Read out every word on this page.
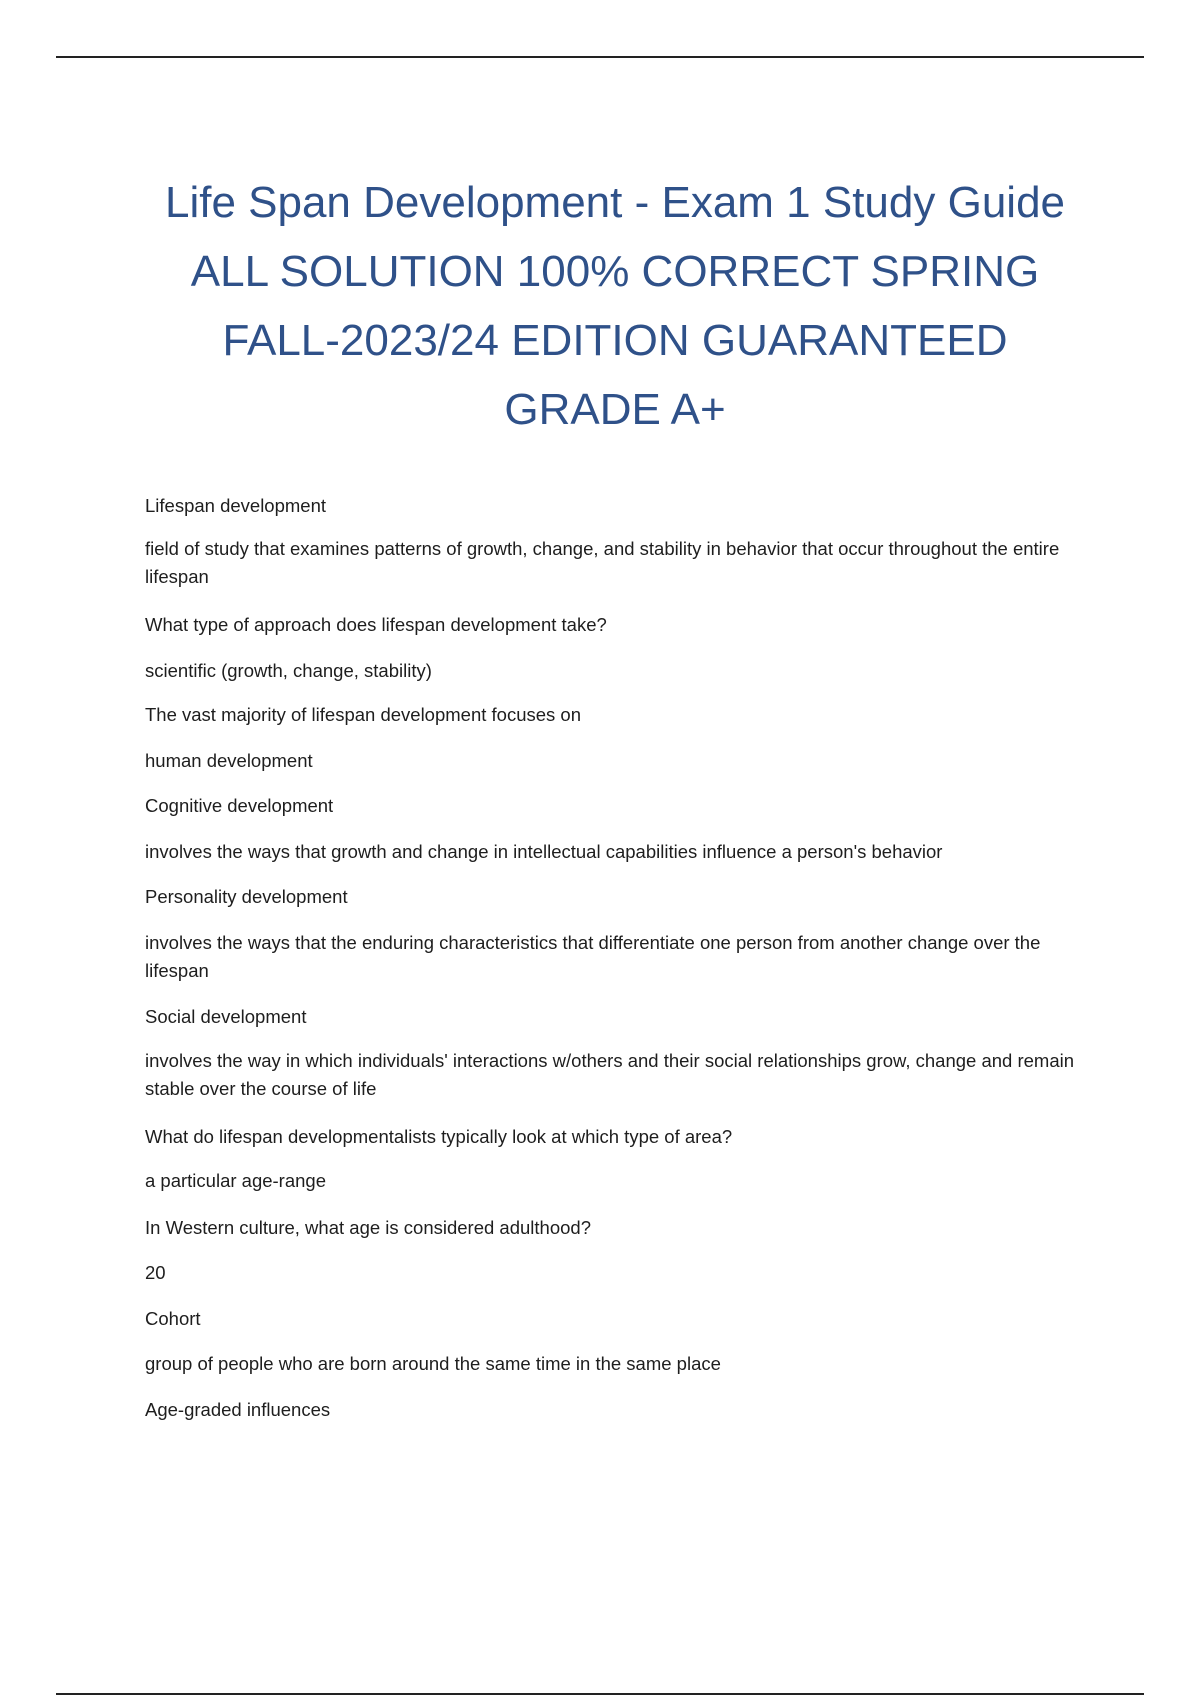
Life Span Development - Exam 1 Study Guide ALL SOLUTION 100% CORRECT SPRING FALL-2023/24 EDITION GUARANTEED GRADE A+

Lifespan development

field of study that examines patterns of growth, change, and stability in behavior that occur throughout the entire lifespan

What type of approach does lifespan development take?

scientific (growth, change, stability)

The vast majority of lifespan development focuses on

human development

Cognitive development

involves the ways that growth and change in intellectual capabilities influence a person's behavior

Personality development

involves the ways that the enduring characteristics that differentiate one person from another change over the lifespan

Social development

involves the way in which individuals' interactions w/others and their social relationships grow, change and remain stable over the course of life

What do lifespan developmentalists typically look at which type of area?

a particular age-range

In Western culture, what age is considered adulthood?

20

Cohort

group of people who are born around the same time in the same place

Age-graded influences
